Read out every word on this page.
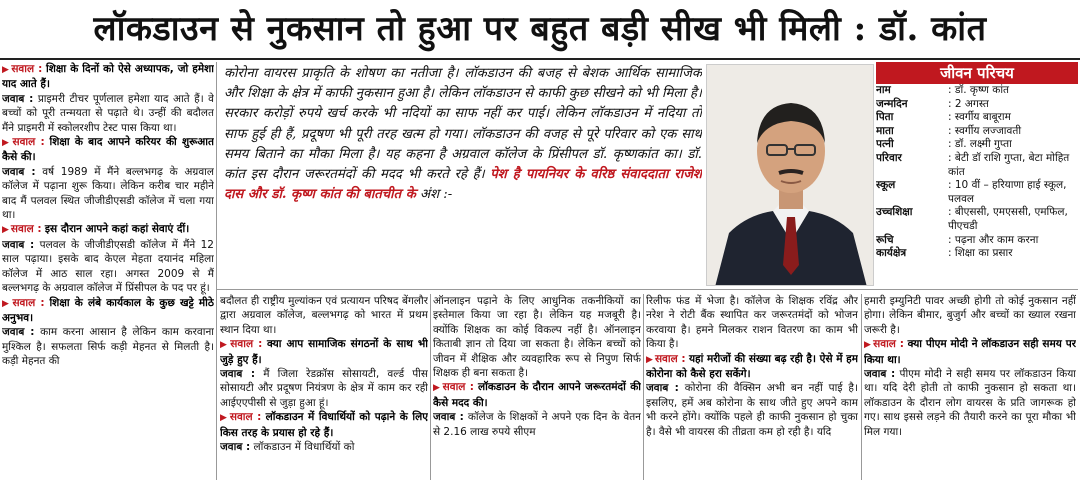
लॉकडाउन से नुकसान तो हुआ पर बहुत बड़ी सीख भी मिली : डॉ. कांत

▶ सवाल : शिक्षा के दिनों को ऐसे अध्यापक, जो हमेशा याद आते हैं।

जवाब : प्राइमरी टीचर पूर्णलाल हमेशा याद आते हैं। वे बच्चों को पूरी तन्मयता से पढ़ाते थे। उन्हीं की बदौलत मैंने प्राइमरी में स्कोलरशीप टेस्ट पास किया था।

▶ सवाल : शिक्षा के बाद आपने करियर की शुरूआत कैसे की।

जवाब : वर्ष 1989 में मैंने बल्लभगढ़ के अग्रवाल कॉलेज में पढ़ाना शुरू किया। लेकिन करीब चार महीने बाद मैं पलवल स्थित जीजीडीएसडी कॉलेज में चला गया था।

▶ सवाल : इस दौरान आपने कहां कहां सेवाएं दीं।

जवाब : पलवल के जीजीडीएसडी कॉलेज में मैंने 12 साल पढ़ाया। इसके बाद केएल मेहता दयानंद महिला कॉलेज में आठ साल रहा। अगस्त 2009 से मैं बल्लभगढ़ के अग्रवाल कॉलेज में प्रिंसीपल के पद पर हूं।

▶ सवाल : शिक्षा के लंबे कार्यकाल के कुछ खट्टे मीठे अनुभव।

जवाब : काम करना आसान है लेकिन काम करवाना मुश्किल है। सफलता सिर्फ कड़ी मेहनत से मिलती है। कड़ी मेहनत की

कोरोना वायरस प्राकृति के शोषण का नतीजा है। लॉकडाउन की बजह से बेशक आर्थिक सामाजिक और शिक्षा के क्षेत्र में काफी नुकसान हुआ है। लेकिन लॉकडाउन से काफी कुछ सीखने को भी मिला है। सरकार करोड़ों रुपये खर्च करके भी नदियों का साफ नहीं कर पाई। लेकिन लॉकडाउन में नदिया तो साफ हुई ही हैं, प्रदूषण भी पूरी तरह खत्म हो गया। लॉकडाउन की वजह से पूरे परिवार को एक साथ समय बिताने का मौका मिला है। यह कहना है अग्रवाल कॉलेज के प्रिंसीपल डॉ. कृष्णकांत का। डॉ. कांत इस दौरान जरूरतमंदों की मदद भी करते रहे हैं। पेश है पायनियर के वरिष्ठ संवाददाता राजेश दास और डॉ. कृष्ण कांत की बातचीत के अंश :-
जीवन परिचय
नाम	: डॉ. कृष्ण कांत
जन्मदिन	: 2 अगस्त
पिता	: स्वर्गीय बाबूराम
माता	: स्वर्गीय लज्जावती
पत्नी	: डॉ. लक्ष्मी गुप्ता
परिवार	: बेटी डॉ राशि गुप्ता, बेटा मोहित कांत
स्कूल	: 10 वीं – हरियाणा हाई स्कूल, पलवल
उच्चशिक्षा	: बीएससी, एमएससी, एमफिल, पीएचडी
रूचि	: पढ़ना और काम करना
कार्यक्षेत्र	: शिक्षा का प्रसार

बदौलत ही राष्ट्रीय मुल्यांकन एवं प्रत्यायन परिषद बेंगलौर द्वारा अग्रवाल कॉलेज, बल्लभगढ़ को भारत में प्रथम स्थान दिया था।

▶ सवाल : क्या आप सामाजिक संगठनों के साथ भी जुड़े हुए हैं।

जवाब : मैं जिला रेडक्रॉस सोसायटी, वर्ल्ड पीस सोसायटी और प्रदूषण नियंत्रण के क्षेत्र में काम कर रही आईएएपीसी से जुड़ा हुआ हूं।

▶ सवाल : लॉकडाउन में विधार्थियों को पढ़ाने के लिए किस तरह के प्रयास हो रहे हैं।

जवाब : लॉकडाउन में विधार्थियों को

ऑनलाइन पढ़ाने के लिए आधुनिक तकनीकियों का इस्तेमाल किया जा रहा है। लेकिन यह मजबूरी है। क्योंकि शिक्षक का कोई विकल्प नहीं है। ऑनलाइन किताबी ज्ञान तो दिया जा सकता है। लेकिन बच्चों को जीवन में शैक्षिक और व्यवहारिक रूप से निपुण सिर्फ शिक्षक ही बना सकता है।

▶ सवाल : लॉकडाउन के दौरान आपने जरूरतमंदों की कैसे मदद की।

जवाब : कॉलेज के शिक्षकों ने अपने एक दिन के वेतन से 2.16 लाख रुपये सीएम

रिलीफ फंड में भेजा है। कॉलेज के शिक्षक रविंद्र और नरेश ने रोटी बैंक स्थापित कर जरूरतमंदों को भोजन करवाया है। हमने मिलकर राशन वितरण का काम भी किया है।

▶ सवाल : यहां मरीजों की संख्या बढ़ रही है। ऐसे में हम कोरोना को कैसे हरा सकेंगे।

जवाब : कोरोना की वैक्सिन अभी बन नहीं पाई है। इसलिए, हमें अब कोरोना के साथ जीते हुए अपने काम भी करने होंगे। क्योंकि पहले ही काफी नुकसान हो चुका है। वैसे भी वायरस की तीव्रता कम हो रही है। यदि

हमारी इम्युनिटी पावर अच्छी होगी तो कोई नुकसान नहीं होगा। लेकिन बीमार, बुजुर्ग और बच्चों का ख्याल रखना जरूरी है।

▶ सवाल : क्या पीएम मोदी ने लॉकडाउन सही समय पर किया था।

जवाब : पीएम मोदी ने सही समय पर लॉकडाउन किया था। यदि देरी होती तो काफी नुकसान हो सकता था। लॉकडाउन के दौरान लोग वायरस के प्रति जागरूक हो गए। साथ इससे लड़ने की तैयारी करने का पूरा मौका भी मिल गया।
